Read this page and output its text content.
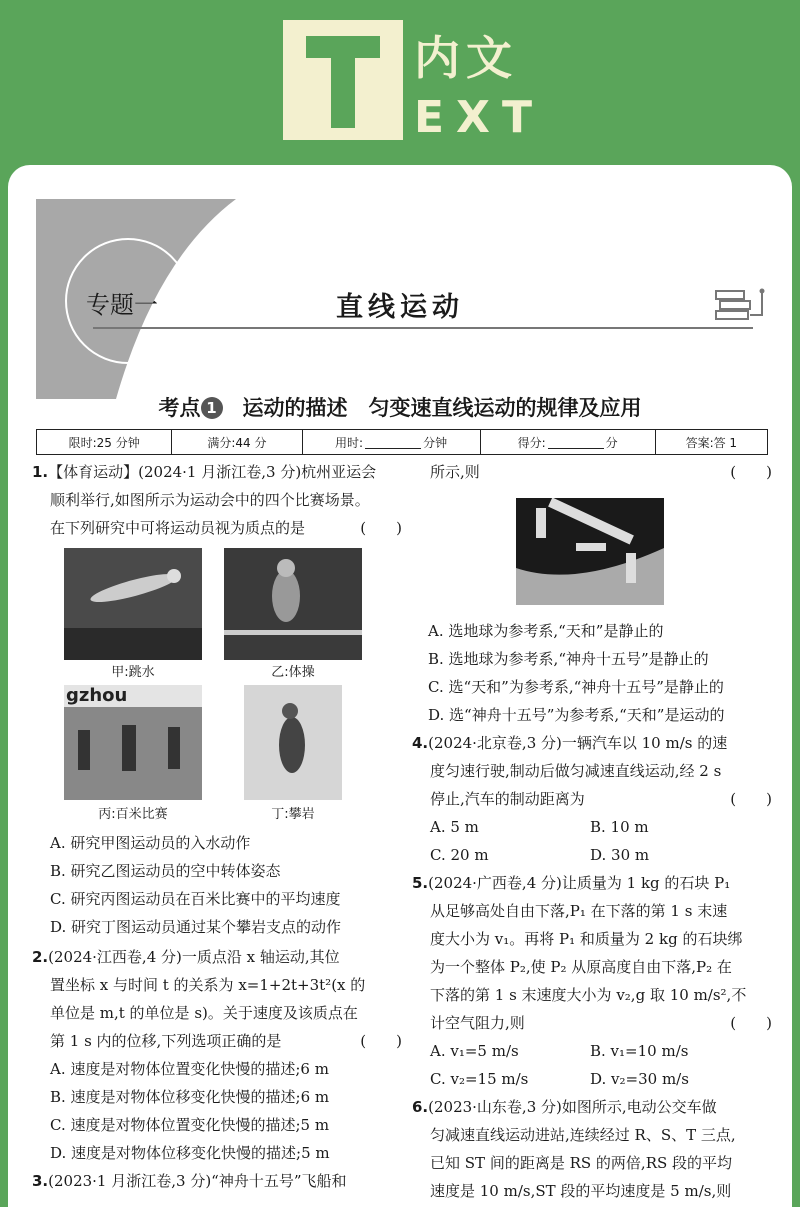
内文
EXT
专题一	直线运动
考点 1 运动的描述　匀变速直线运动的规律及应用
限时:25 分钟	满分:44 分	用时:	分钟	得分:	分	答案:答 1

1.【体育运动】(2024·1 月浙江卷,3 分)杭州亚运会

顺利举行,如图所示为运动会中的四个比赛场景。

在下列研究中可将运动员视为质点的是	(　　)

甲:跳水	乙:体操
gzhou
丙:百米比赛	丁:攀岩

A. 研究甲图运动员的入水动作

B. 研究乙图运动员的空中转体姿态

C. 研究丙图运动员在百米比赛中的平均速度

D. 研究丁图运动员通过某个攀岩支点的动作

2.(2024·江西卷,4 分)一质点沿 x 轴运动,其位

置坐标 x 与时间 t 的关系为 x=1+2t+3t²(x 的

单位是 m,t 的单位是 s)。关于速度及该质点在

第 1 s 内的位移,下列选项正确的是	(　　)

A. 速度是对物体位置变化快慢的描述;6 m

B. 速度是对物体位移变化快慢的描述;6 m

C. 速度是对物体位置变化快慢的描述;5 m

D. 速度是对物体位移变化快慢的描述;5 m

3.(2023·1 月浙江卷,3 分)“神舟十五号”飞船和

所示,则	(　　)

A. 选地球为参考系,“天和”是静止的

B. 选地球为参考系,“神舟十五号”是静止的

C. 选“天和”为参考系,“神舟十五号”是静止的

D. 选“神舟十五号”为参考系,“天和”是运动的

4.(2024·北京卷,3 分)一辆汽车以 10 m/s 的速

度匀速行驶,制动后做匀减速直线运动,经 2 s

停止,汽车的制动距离为	(　　)

A. 5 m	B. 10 m

C. 20 m	D. 30 m

5.(2024·广西卷,4 分)让质量为 1 kg 的石块 P₁

从足够高处自由下落,P₁ 在下落的第 1 s 末速

度大小为 v₁。再将 P₁ 和质量为 2 kg 的石块绑

为一个整体 P₂,使 P₂ 从原高度自由下落,P₂ 在

下落的第 1 s 末速度大小为 v₂,g 取 10 m/s²,不

计空气阻力,则	(　　)

A. v₁=5 m/s	B. v₁=10 m/s

C. v₂=15 m/s	D. v₂=30 m/s

6.(2023·山东卷,3 分)如图所示,电动公交车做

匀减速直线运动进站,连续经过 R、S、T 三点,

已知 ST 间的距离是 RS 的两倍,RS 段的平均

速度是 10 m/s,ST 段的平均速度是 5 m/s,则
